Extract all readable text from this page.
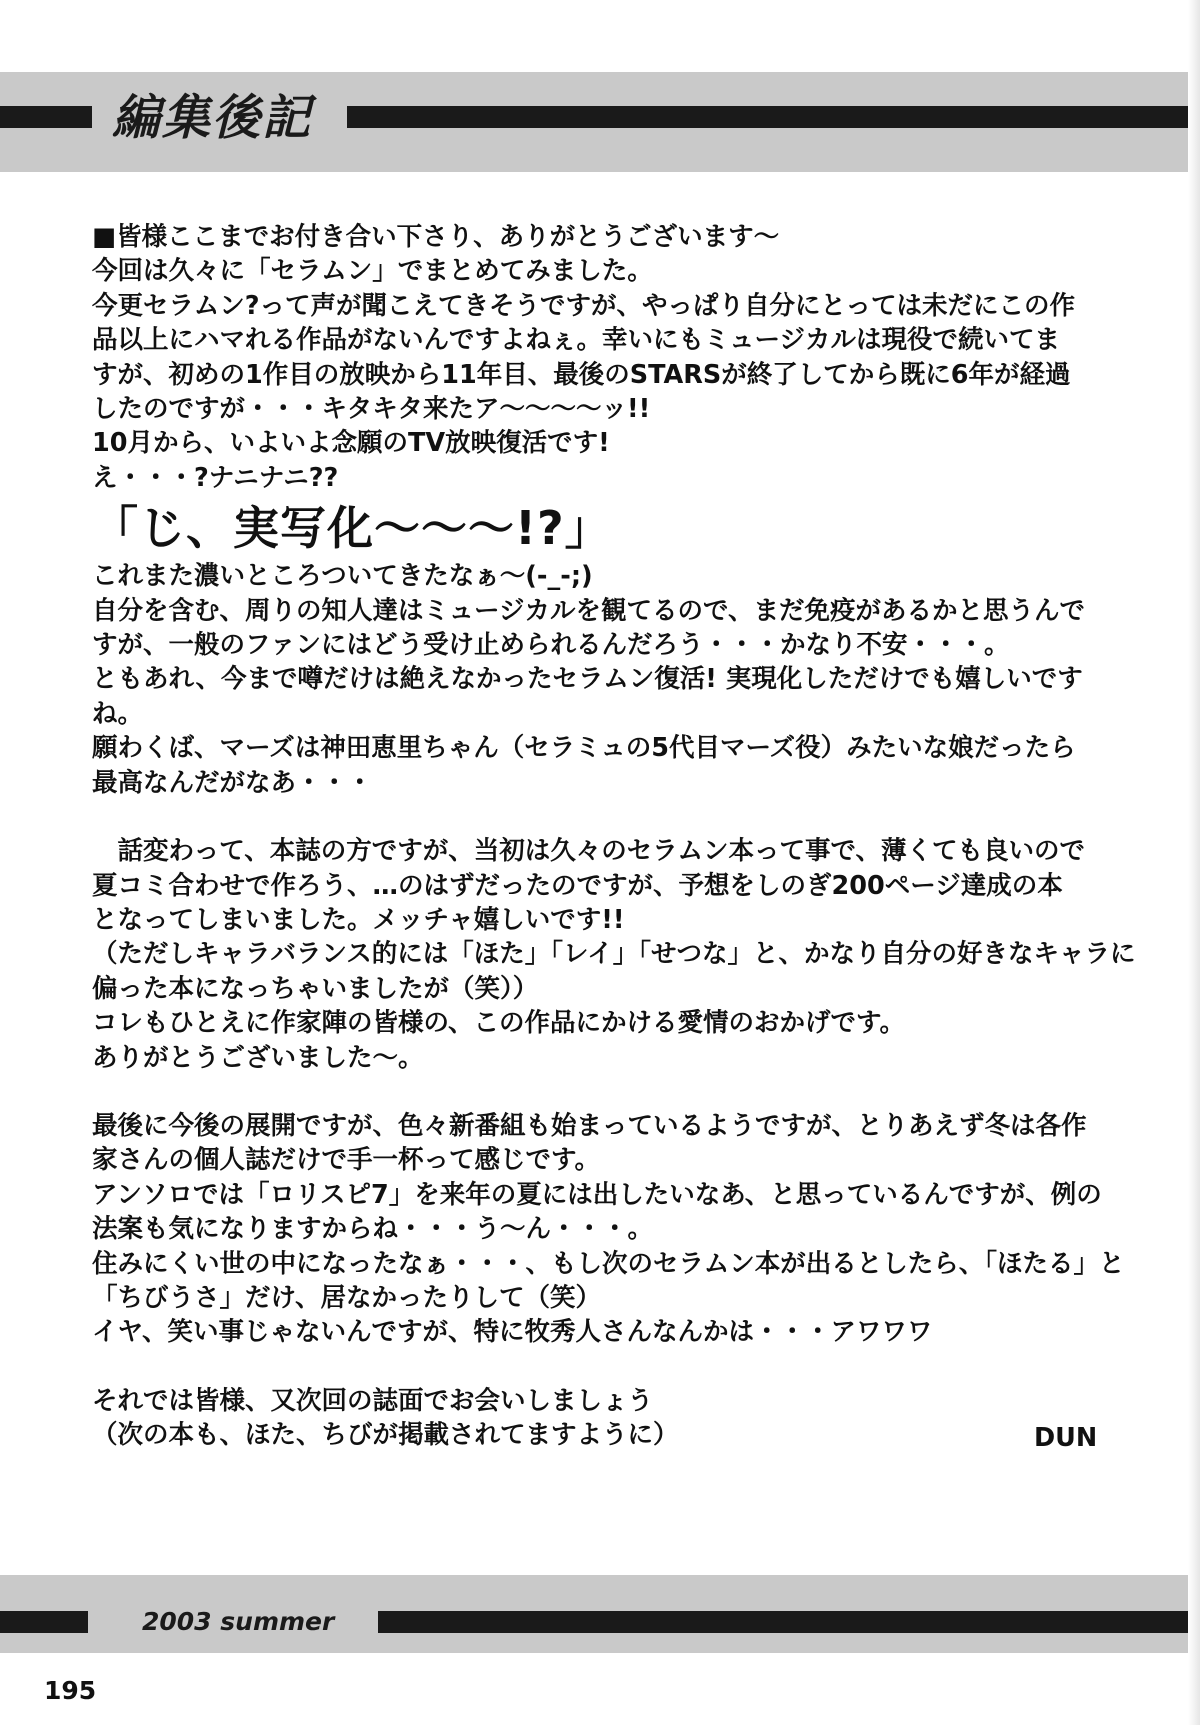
編集後記

■皆様ここまでお付き合い下さり、ありがとうございます～

今回は久々に「セラムン」でまとめてみました。

今更セラムン?って声が聞こえてきそうですが、やっぱり自分にとっては未だにこの作

品以上にハマれる作品がないんですよねぇ。幸いにもミュージカルは現役で続いてま

すが、初めの1作目の放映から11年目、最後のSTARSが終了してから既に6年が経過

したのですが・・・キタキタ来たア～～～～ッ!!

10月から、いよいよ念願のTV放映復活です!

え・・・?ナニナニ??

「じ、実写化～～～!?」

これまた濃いところついてきたなぁ～(-_-;)

自分を含む、周りの知人達はミュージカルを観てるので、まだ免疫があるかと思うんで

すが、一般のファンにはどう受け止められるんだろう・・・かなり不安・・・。

ともあれ、今まで噂だけは絶えなかったセラムン復活! 実現化しただけでも嬉しいです

ね。

願わくば、マーズは神田恵里ちゃん（セラミュの5代目マーズ役）みたいな娘だったら

最高なんだがなあ・・・

　話変わって、本誌の方ですが、当初は久々のセラムン本って事で、薄くても良いので

夏コミ合わせで作ろう、…のはずだったのですが、予想をしのぎ200ページ達成の本

となってしまいました。メッチャ嬉しいです!!

（ただしキャラバランス的には「ほた」「レイ」「せつな」と、かなり自分の好きなキャラに

偏った本になっちゃいましたが（笑））

コレもひとえに作家陣の皆様の、この作品にかける愛情のおかげです。

ありがとうございました～。

最後に今後の展開ですが、色々新番組も始まっているようですが、とりあえず冬は各作

家さんの個人誌だけで手一杯って感じです。

アンソロでは「ロリスピ7」を来年の夏には出したいなあ、と思っているんですが、例の

法案も気になりますからね・・・う～ん・・・。

住みにくい世の中になったなぁ・・・、もし次のセラムン本が出るとしたら、「ほたる」と

「ちびうさ」だけ、居なかったりして（笑）

イヤ、笑い事じゃないんですが、特に牧秀人さんなんかは・・・アワワワ

それでは皆様、又次回の誌面でお会いしましょう

（次の本も、ほた、ちびが掲載されてますように）	DUN
2003 summer
195
